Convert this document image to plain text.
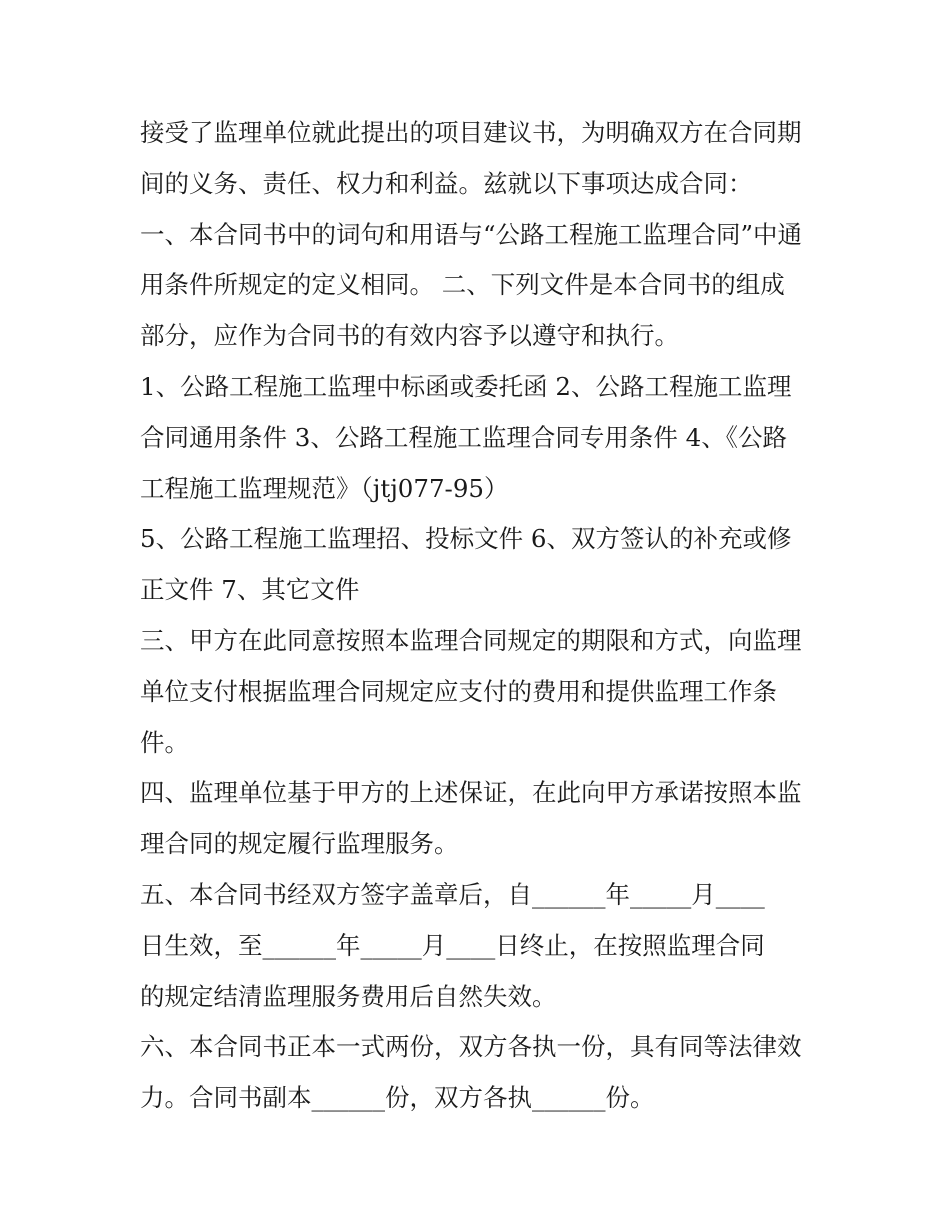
接受了监理单位就此提出的项目建议书，为明确双方在合同期
间的义务、责任、权力和利益。兹就以下事项达成合同：
一、本合同书中的词句和用语与“公路工程施工监理合同”中通
用条件所规定的定义相同。 二、下列文件是本合同书的组成
部分，应作为合同书的有效内容予以遵守和执行。
1、公路工程施工监理中标函或委托函 2、公路工程施工监理
合同通用条件 3、公路工程施工监理合同专用条件 4、《公路
工程施工监理规范》（jtj077-95）
5、公路工程施工监理招、投标文件 6、双方签认的补充或修
正文件 7、其它文件
三、甲方在此同意按照本监理合同规定的期限和方式，向监理
单位支付根据监理合同规定应支付的费用和提供监理工作条
件。
四、监理单位基于甲方的上述保证，在此向甲方承诺按照本监
理合同的规定履行监理服务。
五、本合同书经双方签字盖章后，自______年_____月____
日生效，至______年_____月____日终止，在按照监理合同
的规定结清监理服务费用后自然失效。
六、本合同书正本一式两份，双方各执一份，具有同等法律效
力。合同书副本______份，双方各执______份。
